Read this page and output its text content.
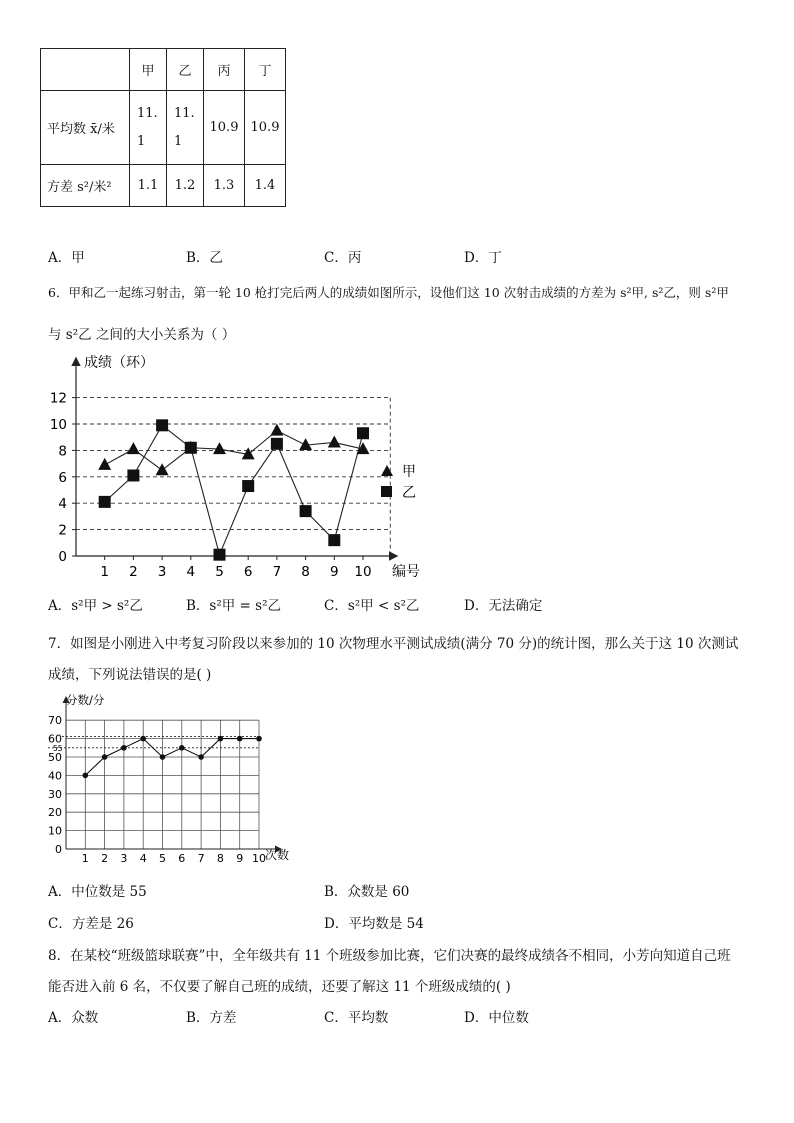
	甲	乙	丙	丁
平均数 x̄/米	11.1	11.1	10.9	10.9
方差 s²/米²	1.1	1.2	1.3	1.4
A．甲	B．乙	C．丙	D．丁
6．甲和乙一起练习射击，第一轮 10 枪打完后两人的成绩如图所示，设他们这 10 次射击成绩的方差为 s²甲, s²乙，则 s²甲
与 s²乙 之间的大小关系为（ ）
成绩（环）
编号
0
2
4
6
8
10
12
1 2 3 4 5 6 7 8 9 10
甲
乙
A．s²甲 > s²乙	B．s²甲 = s²乙	C．s²甲 < s²乙	D．无法确定
7．如图是小刚进入中考复习阶段以来参加的 10 次物理水平测试成绩(满分 70 分)的统计图，那么关于这 10 次测试
成绩，下列说法错误的是( )
分数/分
次数
0
10
20
30
40
50
60
70
1 2 3 4 5 6 7 8 9 10
55
A．中位数是 55	B．众数是 60
C．方差是 26	D．平均数是 54
8．在某校“班级篮球联赛”中，全年级共有 11 个班级参加比赛，它们决赛的最终成绩各不相同，小芳向知道自己班
能否进入前 6 名，不仅要了解自己班的成绩，还要了解这 11 个班级成绩的( )
A．众数	B．方差	C．平均数	D．中位数
